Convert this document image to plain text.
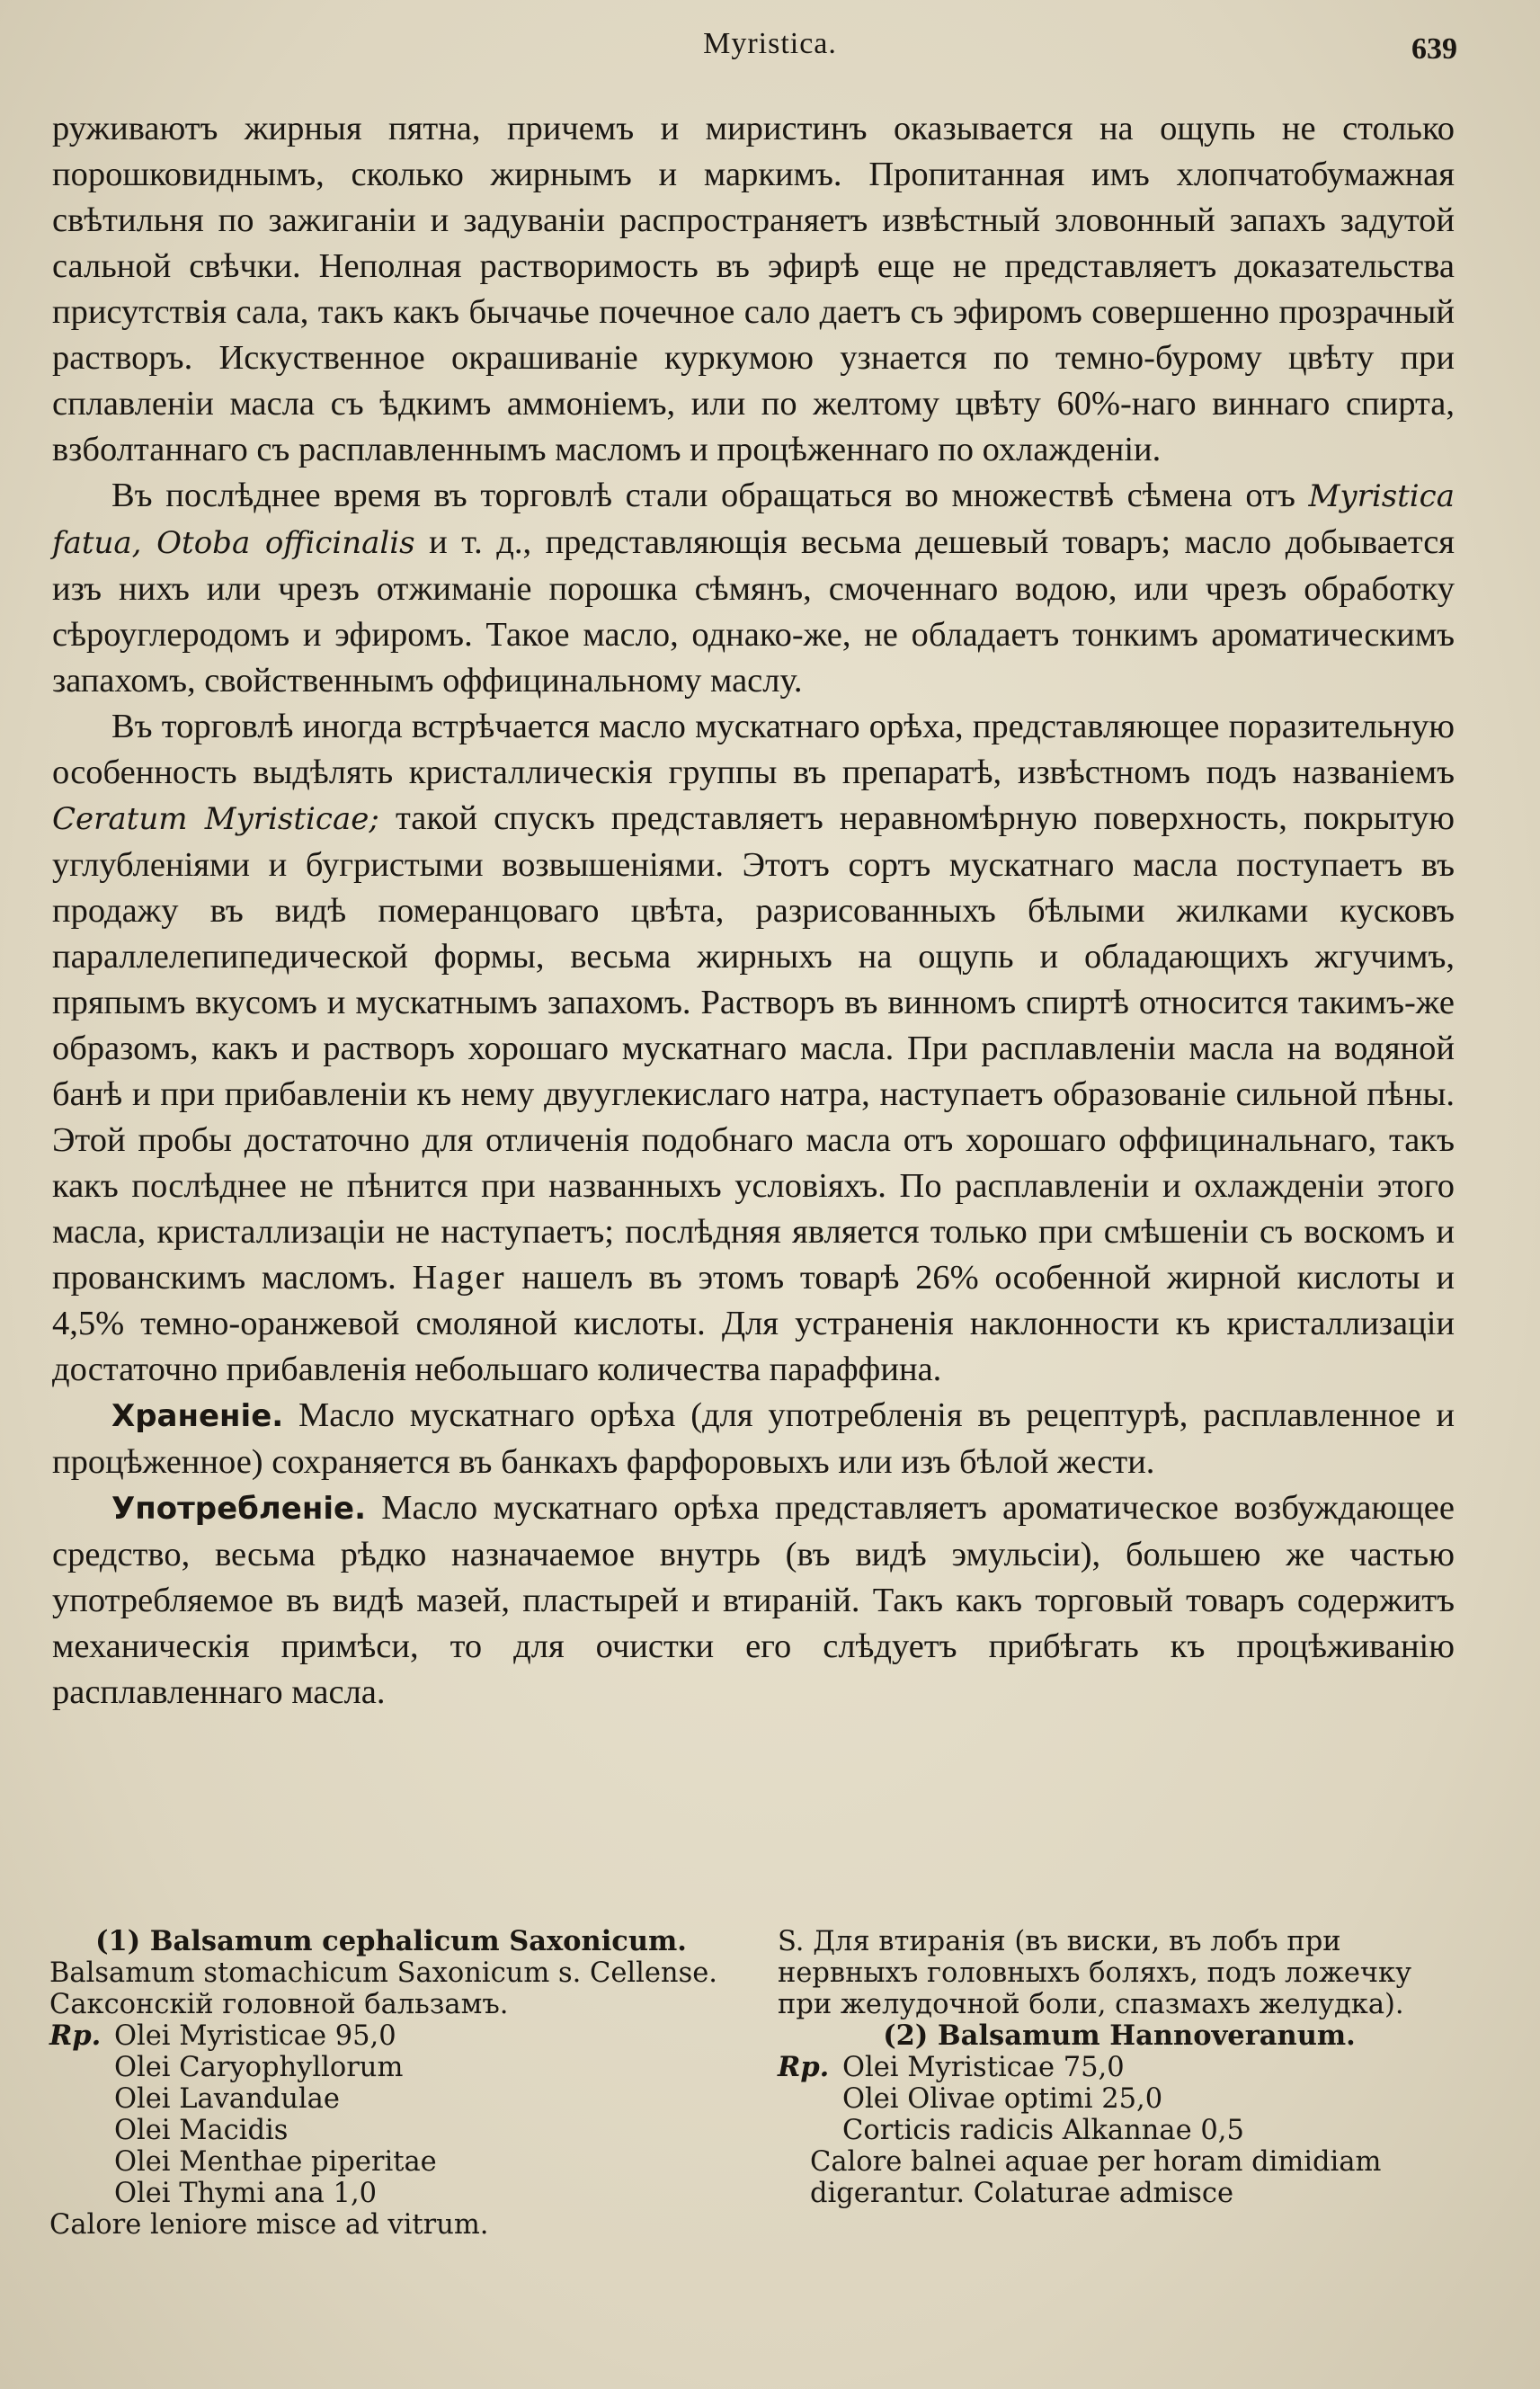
Myristica.	639

руживаютъ жирныя пятна, причемъ и миристинъ оказывается на ощупь не столько порошковиднымъ, сколько жирнымъ и маркимъ. Пропитанная имъ хлопчатобумажная свѣтильня по зажиганіи и задуваніи распространяетъ извѣстный зловонный запахъ задутой сальной свѣчки. Неполная растворимость въ эфирѣ еще не представляетъ доказательства присутствія сала, такъ какъ бычачье почечное сало даетъ съ эфиромъ совершенно прозрачный растворъ. Искуственное окрашиваніе куркумою узнается по темно-бурому цвѣту при сплавленіи масла съ ѣдкимъ аммоніемъ, или по желтому цвѣту 60%-наго виннаго спирта, взболтаннаго съ расплавленнымъ масломъ и процѣженнаго по охлажденіи.

Въ послѣднее время въ торговлѣ стали обращаться во множествѣ сѣмена отъ Myristica fatua, Otoba officinalis и т. д., представляющія весьма дешевый товаръ; масло добывается изъ нихъ или чрезъ отжиманіе порошка сѣмянъ, смоченнаго водою, или чрезъ обработку сѣроуглеродомъ и эфиромъ. Такое масло, однако-же, не обладаетъ тонкимъ ароматическимъ запахомъ, свойственнымъ оффицинальному маслу.

Въ торговлѣ иногда встрѣчается масло мускатнаго орѣха, представляющее поразительную особенность выдѣлять кристаллическія группы въ препаратѣ, извѣстномъ подъ названіемъ Ceratum Myristicae; такой спускъ представляетъ неравномѣрную поверхность, покрытую углубленіями и бугристыми возвышеніями. Этотъ сортъ мускатнаго масла поступаетъ въ продажу въ видѣ померанцоваго цвѣта, разрисованныхъ бѣлыми жилками кусковъ параллелепипедической формы, весьма жирныхъ на ощупь и обладающихъ жгучимъ, пряпымъ вкусомъ и мускатнымъ запахомъ. Растворъ въ винномъ спиртѣ относится такимъ-же образомъ, какъ и растворъ хорошаго мускатнаго масла. При расплавленіи масла на водяной банѣ и при прибавленіи къ нему двууглекислаго натра, наступаетъ образованіе сильной пѣны. Этой пробы достаточно для отличенія подобнаго масла отъ хорошаго оффицинальнаго, такъ какъ послѣднее не пѣнится при названныхъ условіяхъ. По расплавленіи и охлажденіи этого масла, кристаллизаціи не наступаетъ; послѣдняя является только при смѣшеніи съ воскомъ и прованскимъ масломъ. Hager нашелъ въ этомъ товарѣ 26% особенной жирной кислоты и 4,5% темно-оранжевой смоляной кислоты. Для устраненія наклонности къ кристаллизаціи достаточно прибавленія небольшаго количества параффина.

Храненіе. Масло мускатнаго орѣха (для употребленія въ рецептурѣ, расплавленное и процѣженное) сохраняется въ банкахъ фарфоровыхъ или изъ бѣлой жести.

Употребленіе. Масло мускатнаго орѣха представляетъ ароматическое возбуждающее средство, весьма рѣдко назначаемое внутрь (въ видѣ эмульсіи), большею же частью употребляемое въ видѣ мазей, пластырей и втираній. Такъ какъ торговый товаръ содержитъ механическія примѣси, то для очистки его слѣдуетъ прибѣгать къ процѣживанію расплавленнаго масла.

(1) Balsamum cephalicum Saxonicum.

Balsamum stomachicum Saxonicum s. Cellense. Саксонскій головной бальзамъ.

Rp. Olei Myristicae 95,0
Olei Caryophyllorum
Olei Lavandulae
Olei Macidis
Olei Menthae piperitae
Olei Thymi ana 1,0

Calore leniore misce ad vitrum.

S. Для втиранія (въ виски, въ лобъ при нервныхъ головныхъ боляхъ, подъ ложечку при желудочной боли, спазмахъ желудка).

(2) Balsamum Hannoveranum.
Rp. Olei Myristicae 75,0
Olei Olivae optimi 25,0
Corticis radicis Alkannae 0,5

Calore balnei aquae per horam dimidiam digerantur. Colaturae admisce
